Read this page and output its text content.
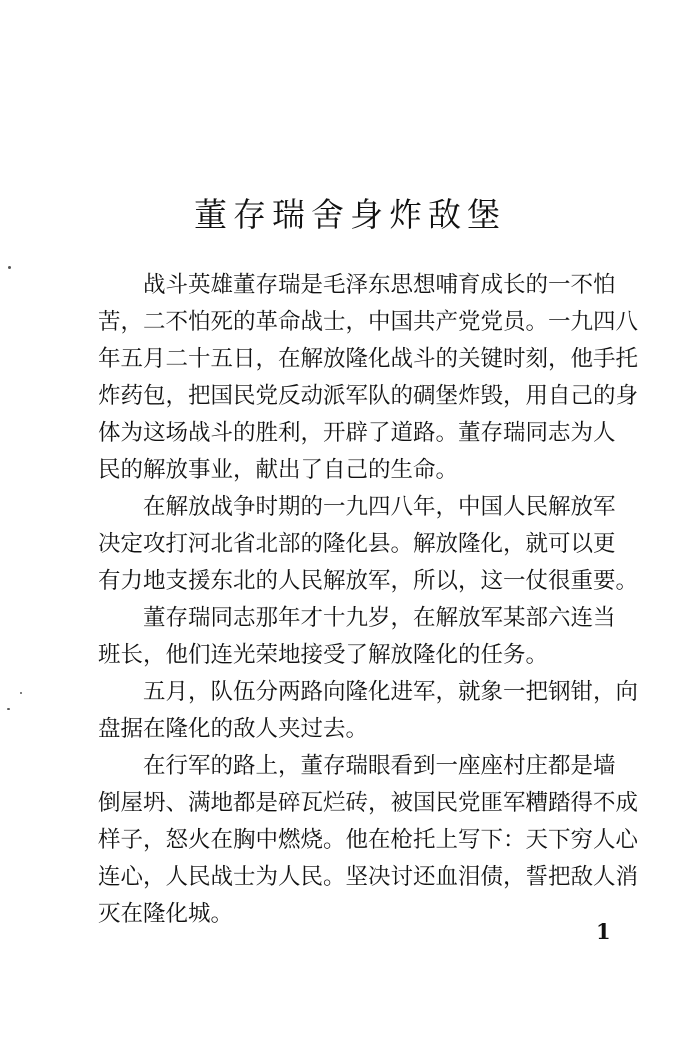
董存瑞舍身炸敌堡
战斗英雄董存瑞是毛泽东思想哺育成长的一不怕
苦，二不怕死的革命战士，中国共产党党员。一九四八
年五月二十五日，在解放隆化战斗的关键时刻，他手托
炸药包，把国民党反动派军队的碉堡炸毁，用自己的身
体为这场战斗的胜利，开辟了道路。董存瑞同志为人
民的解放事业，献出了自己的生命。
在解放战争时期的一九四八年，中国人民解放军
决定攻打河北省北部的隆化县。解放隆化，就可以更
有力地支援东北的人民解放军，所以，这一仗很重要。
董存瑞同志那年才十九岁，在解放军某部六连当
班长，他们连光荣地接受了解放隆化的任务。
五月，队伍分两路向隆化进军，就象一把钢钳，向
盘据在隆化的敌人夹过去。
在行军的路上，董存瑞眼看到一座座村庄都是墙
倒屋坍、满地都是碎瓦烂砖，被国民党匪军糟踏得不成
样子，怒火在胸中燃烧。他在枪托上写下：天下穷人心
连心，人民战士为人民。坚决讨还血泪债，誓把敌人消
灭在隆化城。
1
